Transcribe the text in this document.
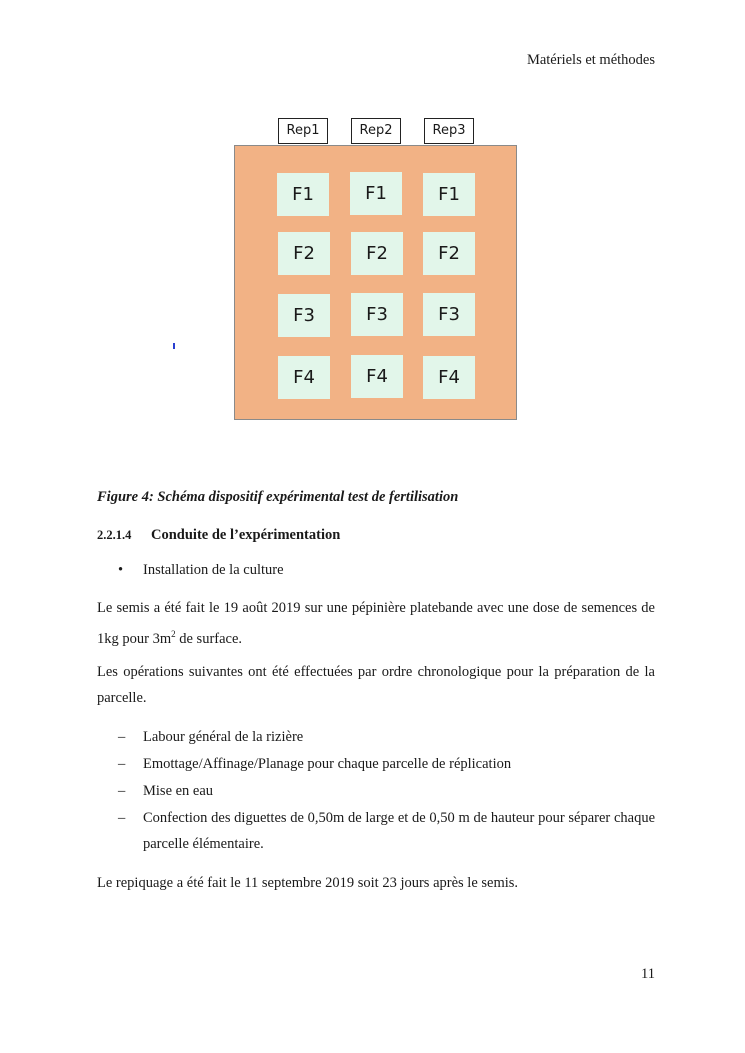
Matériels et méthodes
Rep1	Rep2	Rep3
F1	F1	F1
F2	F2	F2
F3	F3	F3
F4	F4	F4
Figure 4: Schéma dispositif expérimental test de fertilisation
2.2.1.4 Conduite de l’expérimentation
• Installation de la culture

Le semis a été fait le 19 août 2019 sur une pépinière platebande avec une dose de semences de 1kg pour $3m^2$ de surface.

Les opérations suivantes ont été effectuées par ordre chronologique pour la préparation de la parcelle.

– Labour général de la rizière
– Emottage/Affinage/Planage pour chaque parcelle de réplication
– Mise en eau
– Confection des diguettes de 0,50m de large et de 0,50 m de hauteur pour séparer chaque parcelle élémentaire.

Le repiquage a été fait le 11 septembre 2019 soit 23 jours après le semis.

11
